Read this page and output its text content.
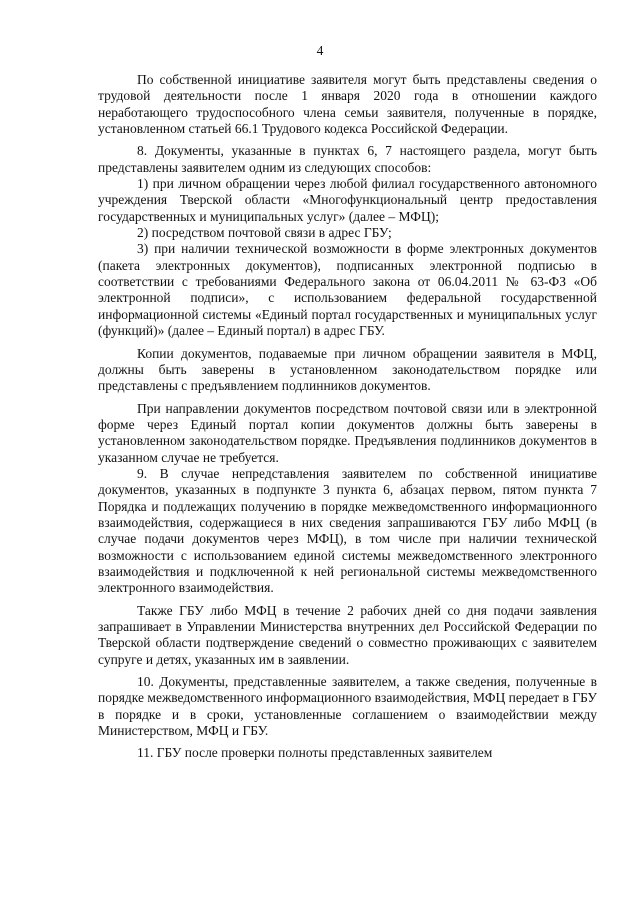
4

По собственной инициативе заявителя могут быть представлены сведения о трудовой деятельности после 1 января 2020 года в отношении каждого неработающего трудоспособного члена семьи заявителя, полученные в порядке, установленном статьей 66.1 Трудового кодекса Российской Федерации.

8. Документы, указанные в пунктах 6, 7 настоящего раздела, могут быть представлены заявителем одним из следующих способов:

1) при личном обращении через любой филиал государственного автономного учреждения Тверской области «Многофункциональный центр предоставления государственных и муниципальных услуг» (далее – МФЦ);

2) посредством почтовой связи в адрес ГБУ;

3) при наличии технической возможности в форме электронных документов (пакета электронных документов), подписанных электронной подписью в соответствии с требованиями Федерального закона от 06.04.2011 № 63-ФЗ «Об электронной подписи», с использованием федеральной государственной информационной системы «Единый портал государственных и муниципальных услуг (функций)» (далее – Единый портал) в адрес ГБУ.

Копии документов, подаваемые при личном обращении заявителя в МФЦ, должны быть заверены в установленном законодательством порядке или представлены с предъявлением подлинников документов.

При направлении документов посредством почтовой связи или в электронной форме через Единый портал копии документов должны быть заверены в установленном законодательством порядке. Предъявления подлинников документов в указанном случае не требуется.

9. В случае непредставления заявителем по собственной инициативе документов, указанных в подпункте 3 пункта 6, абзацах первом, пятом пункта 7 Порядка и подлежащих получению в порядке межведомственного информационного взаимодействия, содержащиеся в них сведения запрашиваются ГБУ либо МФЦ (в случае подачи документов через МФЦ), в том числе при наличии технической возможности с использованием единой системы межведомственного электронного взаимодействия и подключенной к ней региональной системы межведомственного электронного взаимодействия.

Также ГБУ либо МФЦ в течение 2 рабочих дней со дня подачи заявления запрашивает в Управлении Министерства внутренних дел Российской Федерации по Тверской области подтверждение сведений о совместно проживающих с заявителем супруге и детях, указанных им в заявлении.

10. Документы, представленные заявителем, а также сведения, полученные в порядке межведомственного информационного взаимодействия, МФЦ передает в ГБУ в порядке и в сроки, установленные соглашением о взаимодействии между Министерством, МФЦ и ГБУ.

11. ГБУ после проверки полноты представленных заявителем
